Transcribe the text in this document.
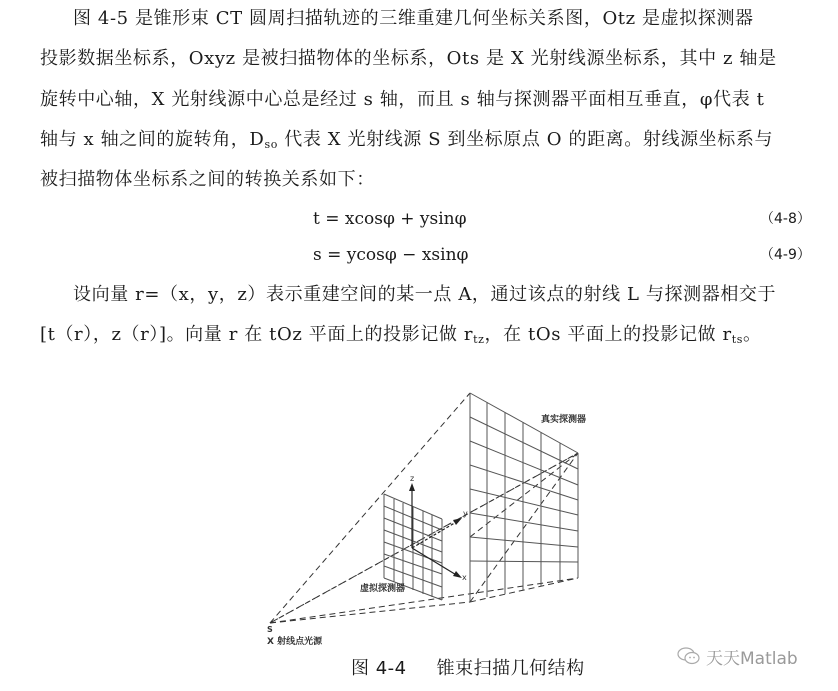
图 4-5 是锥形束 CT 圆周扫描轨迹的三维重建几何坐标关系图，Otz 是虚拟探测器
投影数据坐标系，Oxyz 是被扫描物体的坐标系，Ots 是 X 光射线源坐标系，其中 z 轴是
旋转中心轴，X 光射线源中心总是经过 s 轴，而且 s 轴与探测器平面相互垂直，φ代表 t
轴与 x 轴之间的旋转角，$D_{so}$ 代表 X 光射线源 S 到坐标原点 O 的距离。射线源坐标系与
被扫描物体坐标系之间的转换关系如下：
t = xcosφ + ysinφ	（4-8）
s = ycosφ − xsinφ	（4-9）
设向量 r=（x，y，z）表示重建空间的某一点 A，通过该点的射线 L 与探测器相交于
[t（r），z（r）]。向量 r 在 tOz 平面上的投影记做 $r_{tz}$，在 tOs 平面上的投影记做 $r_{ts}$。
z
y
x
真实探测器
虚拟探测器
S
X 射线点光源
图 4-4 锥束扫描几何结构	天天Matlab
